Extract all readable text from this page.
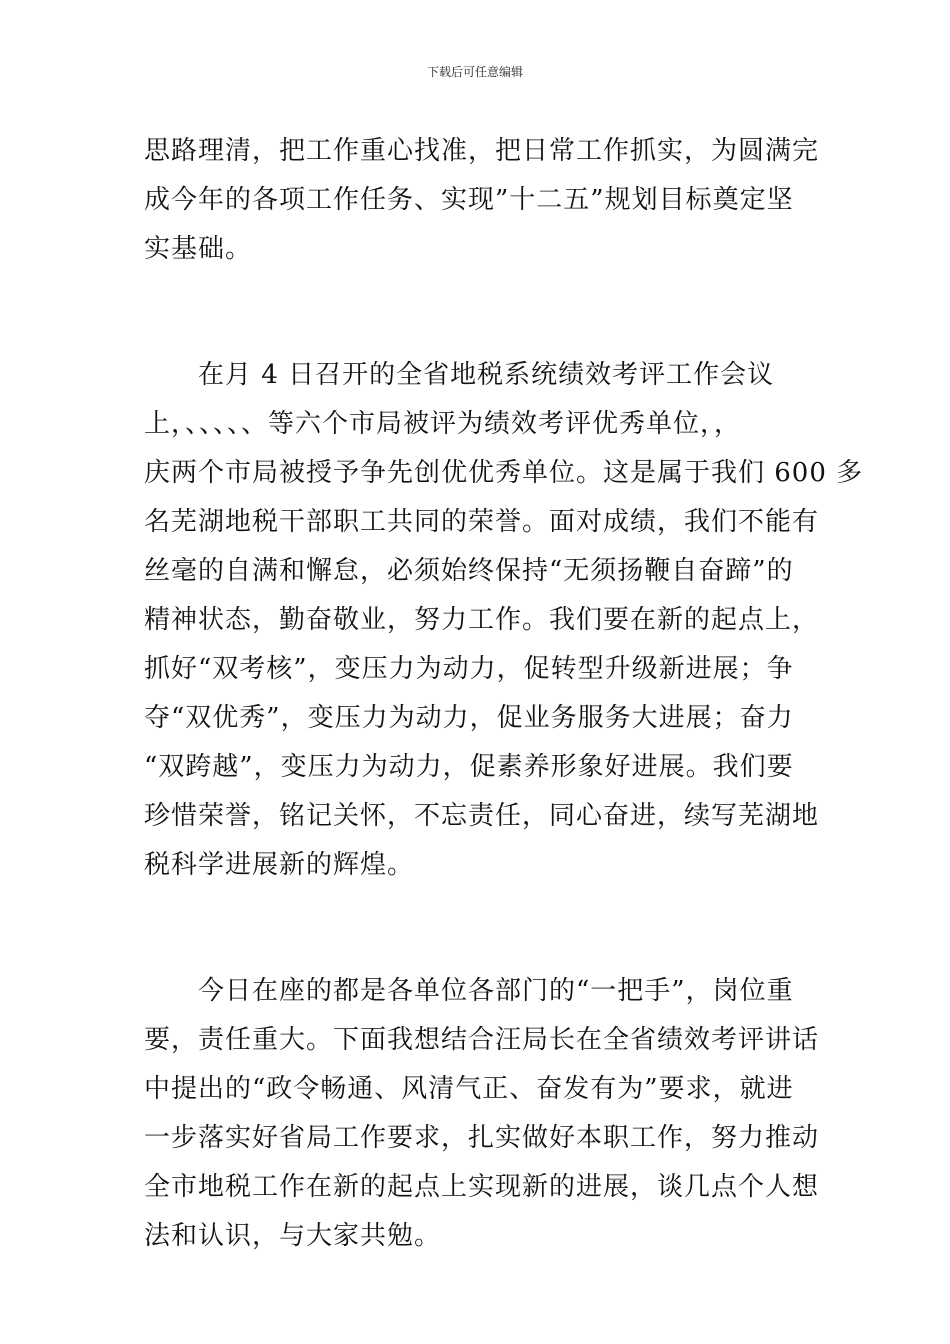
下载后可任意编辑

思路理清，把工作重心找准，把日常工作抓实，为圆满完
成今年的各项工作任务、实现”十二五”规划目标奠定坚
实基础。

　　在月 4 日召开的全省地税系统绩效考评工作会议
上，、、、、、等六个市局被评为绩效考评优秀单位，，
庆两个市局被授予争先创优优秀单位。这是属于我们 600 多
名芜湖地税干部职工共同的荣誉。面对成绩，我们不能有
丝毫的自满和懈怠，必须始终保持“无须扬鞭自奋蹄”的
精神状态，勤奋敬业，努力工作。我们要在新的起点上，
抓好“双考核”，变压力为动力，促转型升级新进展；争
夺“双优秀”，变压力为动力，促业务服务大进展；奋力
“双跨越”，变压力为动力，促素养形象好进展。我们要
珍惜荣誉，铭记关怀，不忘责任，同心奋进，续写芜湖地
税科学进展新的辉煌。

　　今日在座的都是各单位各部门的“一把手”，岗位重
要，责任重大。下面我想结合汪局长在全省绩效考评讲话
中提出的“政令畅通、风清气正、奋发有为”要求，就进
一步落实好省局工作要求，扎实做好本职工作，努力推动
全市地税工作在新的起点上实现新的进展，谈几点个人想
法和认识，与大家共勉。
